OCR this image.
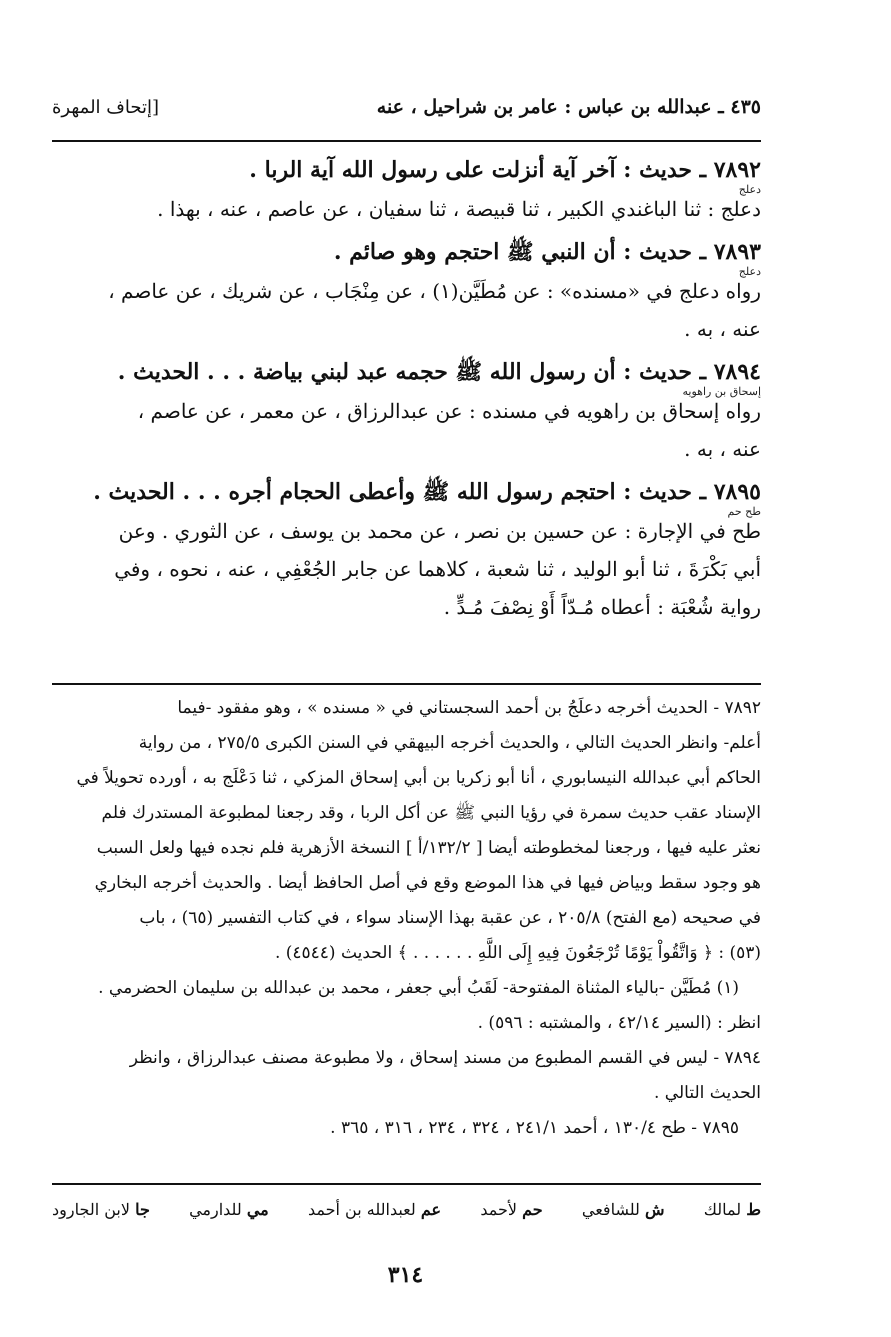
٤٣٥ ـ عبدالله بن عباس : عامر بن شراحيل ، عنه
[إتحاف المهرة
٧٨٩٢ ـ حديث : آخر آية أنزلت على رسول الله آية الربا .
دعلج
دعلج : ثنا الباغندي الكبير ، ثنا قبيصة ، ثنا سفيان ، عن عاصم ، عنه ، بهذا .
٧٨٩٣ ـ حديث : أن النبي ﷺ احتجم وهو صائم .
دعلج
رواه دعلج في «مسنده» : عن مُطَيَّن(١) ، عن مِنْجَاب ، عن شريك ، عن عاصم ،
عنه ، به .
٧٨٩٤ ـ حديث : أن رسول الله ﷺ حجمه عبد لبني بياضة . . . الحديث .
إسحاق بن راهويه
رواه إسحاق بن راهويه في مسنده : عن عبدالرزاق ، عن معمر ، عن عاصم ،
عنه ، به .
٧٨٩٥ ـ حديث : احتجم رسول الله ﷺ وأعطى الحجام أجره . . . الحديث .
طح حم
طح في الإجارة : عن حسين بن نصر ، عن محمد بن يوسف ، عن الثوري . وعن
أبي بَكْرَةَ ، ثنا أبو الوليد ، ثنا شعبة ، كلاهما عن جابر الجُعْفِي ، عنه ، نحوه ، وفي
رواية شُعْبَة : أعطاه مُـدّاً أَوْ نِصْفَ مُـدٍّ .
٧٨٩٢ - الحديث أخرجه دعلَجُ بن أحمد السجستاني في « مسنده » ، وهو مفقود -فيما
أعلم- وانظر الحديث التالي ، والحديث أخرجه البيهقي في السنن الكبرى ٢٧٥/٥ ، من رواية
الحاكم أبي عبدالله النيسابوري ، أنا أبو زكريا بن أبي إسحاق المزكي ، ثنا دَعْلَج به ، أورده تحويلاً في
الإسناد عقب حديث سمرة في رؤيا النبي ﷺ عن أكل الربا ، وقد رجعنا لمطبوعة المستدرك فلم
نعثر عليه فيها ، ورجعنا لمخطوطته أيضا [ ١٣٢/٢/أ ] النسخة الأزهرية فلم نجده فيها ولعل السبب
هو وجود سقط وبياض فيها في هذا الموضع وقع في أصل الحافظ أيضا . والحديث أخرجه البخاري
في صحيحه (مع الفتح) ٢٠٥/٨ ، عن عقبة بهذا الإسناد سواء ، في كتاب التفسير (٦٥) ، باب
(٥٣) : ﴿ وَاتَّقُواْ يَوْمًا تُرْجَعُونَ فِيهِ إِلَى اللَّهِ . . . . . . ﴾ الحديث (٤٥٤٤) .
(١) مُطَيَّن -بالياء المثناة المفتوحة- لَقَبُ أبي جعفر ، محمد بن عبدالله بن سليمان الحضرمي .
انظر : (السير ٤٢/١٤ ، والمشتبه : ٥٩٦) .
٧٨٩٤ - ليس في القسم المطبوع من مسند إسحاق ، ولا مطبوعة مصنف عبدالرزاق ، وانظر
الحديث التالي .
٧٨٩٥ - طح ١٣٠/٤ ، أحمد ٢٤١/١ ، ٣٢٤ ، ٢٣٤ ، ٣١٦ ، ٣٦٥ .
ط لمالك
ش للشافعي
حم لأحمد
عم لعبدالله بن أحمد
مي للدارمي
جا لابن الجارود
٣١٤
